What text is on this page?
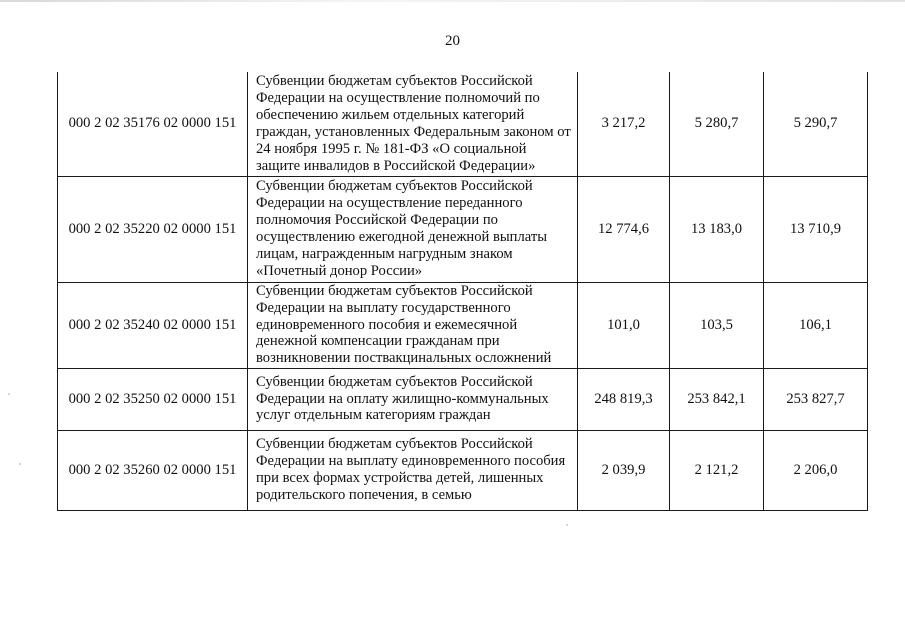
20
000 2 02 35176 02 0000 151	Субвенции бюджетам субъектов Российской Федерации на осуществление полномочий по обеспечению жильем отдельных категорий граждан, установленных Федеральным законом от 24 ноября 1995 г. № 181-ФЗ «О социальной защите инвалидов в Российской Федерации»	3 217,2	5 280,7	5 290,7
000 2 02 35220 02 0000 151	Субвенции бюджетам субъектов Российской Федерации на осуществление переданного полномочия Российской Федерации по осуществлению ежегодной денежной выплаты лицам, награжденным нагрудным знаком «Почетный донор России»	12 774,6	13 183,0	13 710,9
000 2 02 35240 02 0000 151	Субвенции бюджетам субъектов Российской Федерации на выплату государственного единовременного пособия и ежемесячной денежной компенсации гражданам при возникновении поствакцинальных осложнений	101,0	103,5	106,1
000 2 02 35250 02 0000 151	Субвенции бюджетам субъектов Российской Федерации на оплату жилищно-коммунальных услуг отдельным категориям граждан	248 819,3	253 842,1	253 827,7
000 2 02 35260 02 0000 151	Субвенции бюджетам субъектов Российской Федерации на выплату единовременного пособия при всех формах устройства детей, лишенных родительского попечения, в семью	2 039,9	2 121,2	2 206,0
